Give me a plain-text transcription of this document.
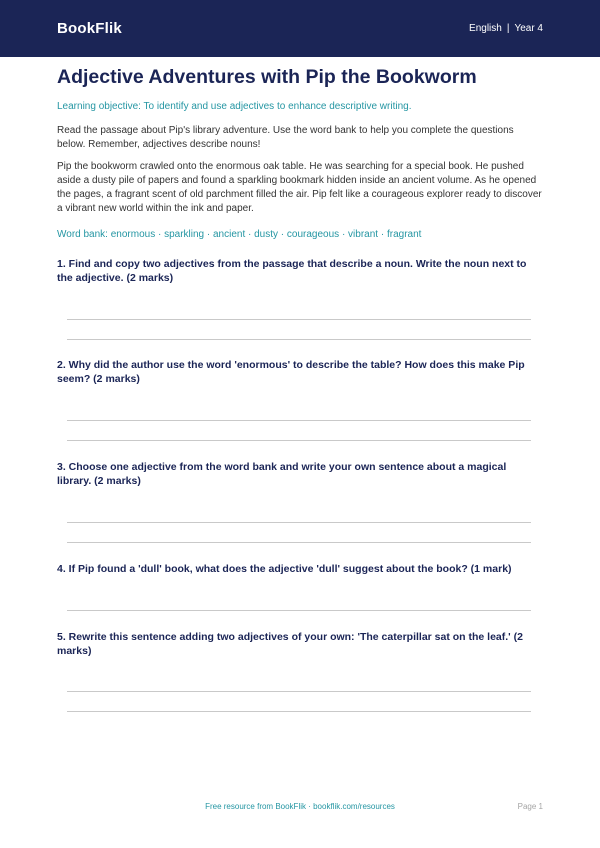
BookFlik	English | Year 4
Adjective Adventures with Pip the Bookworm
Learning objective: To identify and use adjectives to enhance descriptive writing.
Read the passage about Pip's library adventure. Use the word bank to help you complete the questions below. Remember, adjectives describe nouns!
Pip the bookworm crawled onto the enormous oak table. He was searching for a special book. He pushed aside a dusty pile of papers and found a sparkling bookmark hidden inside an ancient volume. As he opened the pages, a fragrant scent of old parchment filled the air. Pip felt like a courageous explorer ready to discover a vibrant new world within the ink and paper.
Word bank: enormous · sparkling · ancient · dusty · courageous · vibrant · fragrant
1. Find and copy two adjectives from the passage that describe a noun. Write the noun next to the adjective. (2 marks)
2. Why did the author use the word 'enormous' to describe the table? How does this make Pip seem? (2 marks)
3. Choose one adjective from the word bank and write your own sentence about a magical library. (2 marks)
4. If Pip found a 'dull' book, what does the adjective 'dull' suggest about the book? (1 mark)
5. Rewrite this sentence adding two adjectives of your own: 'The caterpillar sat on the leaf.' (2 marks)
Free resource from BookFlik · bookflik.com/resources	Page 1
